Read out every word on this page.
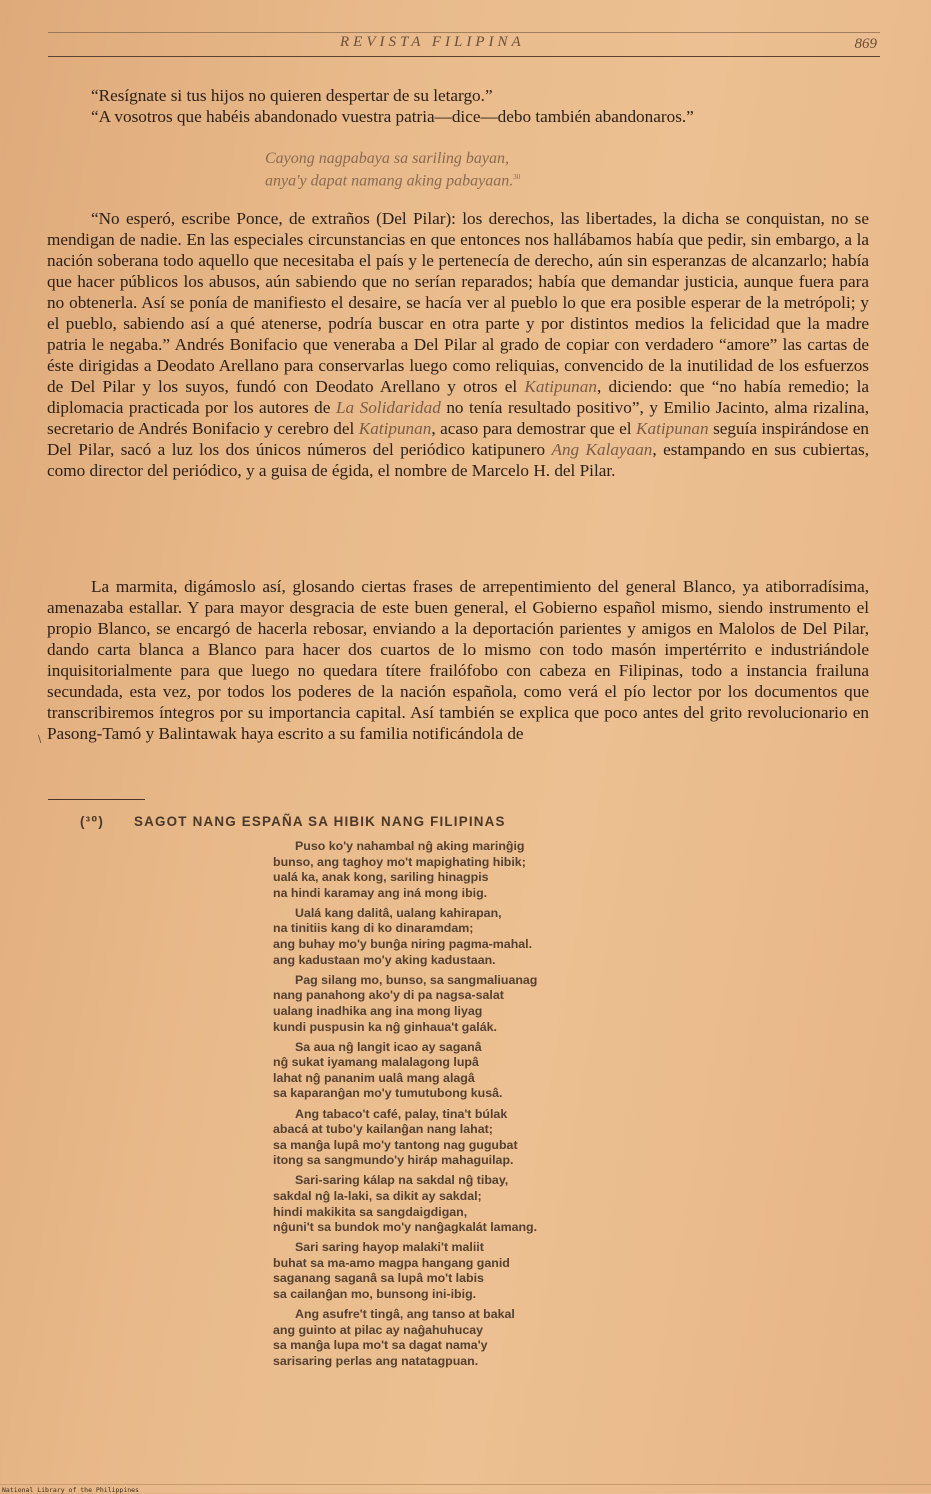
REVISTA FILIPINA	869

“Resígnate si tus hijos no quieren despertar de su letargo.”

“A vosotros que habéis abandonado vuestra patria—dice—debo también abandonaros.”

Cayong nagpabaya sa sariling bayan,
anya'y dapat namang aking pabayaan.$^{30}$

“No esperó, escribe Ponce, de extraños (Del Pilar): los derechos, las libertades, la dicha se conquistan, no se mendigan de nadie. En las especiales circunstancias en que entonces nos hallábamos había que pedir, sin embargo, a la nación soberana todo aquello que necesitaba el país y le pertenecía de derecho, aún sin esperanzas de alcanzarlo; había que hacer públicos los abusos, aún sabiendo que no serían reparados; había que demandar justicia, aunque fuera para no obtenerla. Así se ponía de manifiesto el desaire, se hacía ver al pueblo lo que era posible esperar de la metrópoli; y el pueblo, sabiendo así a qué atenerse, podría buscar en otra parte y por distintos medios la felicidad que la madre patria le negaba.” Andrés Bonifacio que veneraba a Del Pilar al grado de copiar con verdadero “amore” las cartas de éste dirigidas a Deodato Arellano para conservarlas luego como reliquias, convencido de la inutilidad de los esfuerzos de Del Pilar y los suyos, fundó con Deodato Arellano y otros el Katipunan, diciendo: que “no había remedio; la diplomacia practicada por los autores de La Solidaridad no tenía resultado positivo”, y Emilio Jacinto, alma rizalina, secretario de Andrés Bonifacio y cerebro del Katipunan, acaso para demostrar que el Katipunan seguía inspirándose en Del Pilar, sacó a luz los dos únicos números del periódico katipunero Ang Kalayaan, estampando en sus cubiertas, como director del periódico, y a guisa de égida, el nombre de Marcelo H. del Pilar.

La marmita, digámoslo así, glosando ciertas frases de arrepentimiento del general Blanco, ya atiborradísima, amenazaba estallar. Y para mayor desgracia de este buen general, el Gobierno español mismo, siendo instrumento el propio Blanco, se encargó de hacerla rebosar, enviando a la deportación parientes y amigos en Malolos de Del Pilar, dando carta blanca a Blanco para hacer dos cuartos de lo mismo con todo masón impertérrito e industriándole inquisitorialmente para que luego no quedara títere frailófobo con cabeza en Filipinas, todo a instancia frailuna secundada, esta vez, por todos los poderes de la nación española, como verá el pío lector por los documentos que transcribiremos íntegros por su importancia capital. Así también se explica que poco antes del grito revolucionario en Pasong-Tamó y Balintawak haya escrito a su familia notificándola de

∖
(³⁰) SAGOT NANG ESPAÑA SA HIBIK NANG FILIPINAS
Puso ko'y nahambal nĝ aking marinĝig
bunso, ang taghoy mo't mapighating hibik;
ualá ka, anak kong, sariling hinagpis
na hindi karamay ang iná mong ibig.
Ualá kang dalitâ, ualang kahirapan,
na tinitiis kang di ko dinaramdam;
ang buhay mo'y bunĝa niring pagma-mahal.
ang kadustaan mo'y aking kadustaan.
Pag silang mo, bunso, sa sangmaliuanag
nang panahong ako'y di pa nagsa-salat
ualang inadhika ang ina mong liyag
kundi puspusin ka nĝ ginhaua't galák.
Sa aua nĝ langit icao ay saganâ
nĝ sukat iyamang malalagong lupâ
lahat nĝ pananim ualâ mang alagâ
sa kaparanĝan mo'y tumutubong kusâ.
Ang tabaco't café, palay, tina't búlak
abacá at tubo'y kailanĝan nang lahat;
sa manĝa lupâ mo'y tantong nag gugubat
itong sa sangmundo'y hiráp mahaguilap.
Sari-saring kálap na sakdal nĝ tibay,
sakdal nĝ la-laki, sa dikit ay sakdal;
hindi makikita sa sangdaigdigan,
nĝuni't sa bundok mo'y nanĝagkalát lamang.
Sari saring hayop malaki't maliit
buhat sa ma-amo magpa hangang ganid
saganang saganâ sa lupâ mo't labis
sa cailanĝan mo, bunsong ini-ibig.
Ang asufre't tingâ, ang tanso at bakal
ang guinto at pilac ay naĝahuhucay
sa manĝa lupa mo't sa dagat nama'y
sarisaring perlas ang natatagpuan.
National Library of the Philippines
